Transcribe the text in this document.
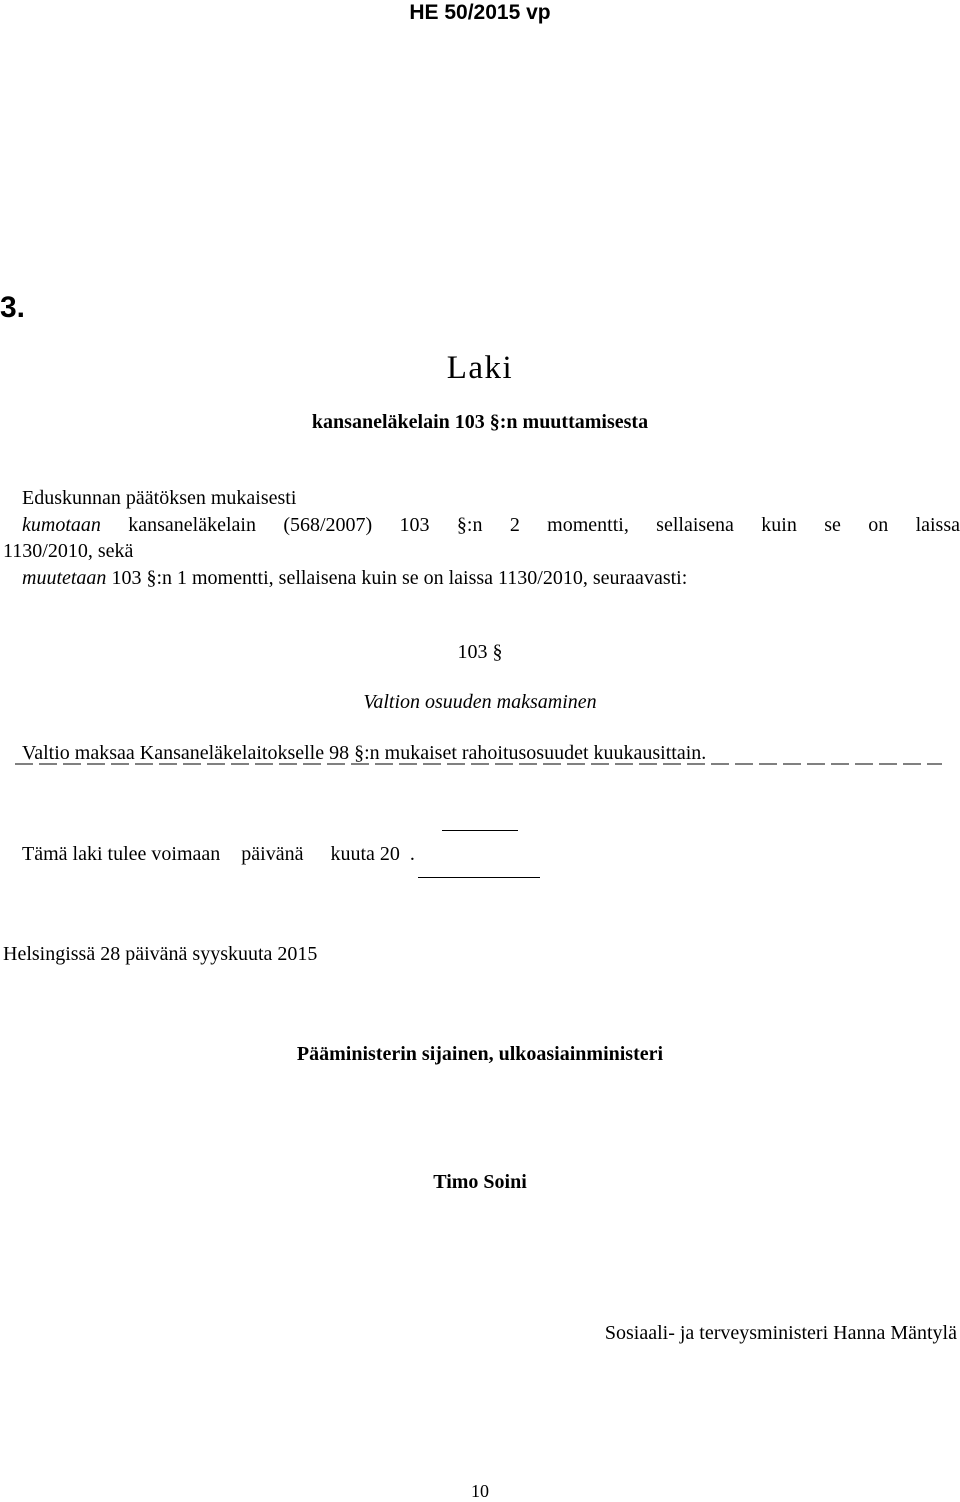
HE 50/2015 vp
3.
Laki
kansaneläkelain 103 §:n muuttamisesta
Eduskunnan päätöksen mukaisesti
kumotaan kansaneläkelain (568/2007) 103 §:n 2 momentti, sellaisena kuin se on laissa
1130/2010, sekä
muutetaan 103 §:n 1 momentti, sellaisena kuin se on laissa 1130/2010, seuraavasti:
103 §
Valtion osuuden maksaminen
Valtio maksaa Kansaneläkelaitokselle 98 §:n mukaiset rahoitusosuudet kuukausittain.
Tämä laki tulee voimaan päivänä kuuta 20 .
Helsingissä 28 päivänä syyskuuta 2015
Pääministerin sijainen, ulkoasiainministeri
Timo Soini
Sosiaali- ja terveysministeri Hanna Mäntylä
10
